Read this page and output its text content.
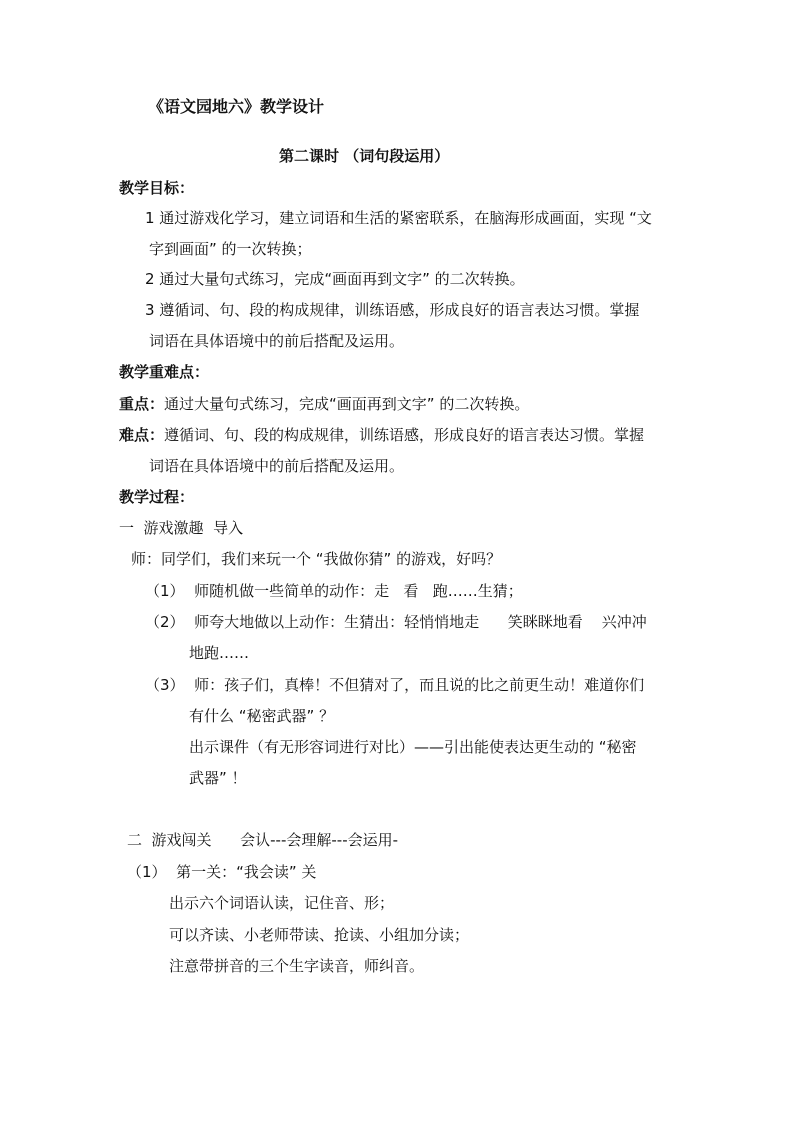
《语文园地六》教学设计
第二课时 （词句段运用）
教学目标：
1 通过游戏化学习，建立词语和生活的紧密联系，在脑海形成画面，实现 “文
字到画面” 的一次转换；
2 通过大量句式练习，完成“画面再到文字” 的二次转换。
3 遵循词、句、段的构成规律，训练语感，形成良好的语言表达习惯。掌握
词语在具体语境中的前后搭配及运用。
教学重难点：
重点：通过大量句式练习，完成“画面再到文字” 的二次转换。
难点：遵循词、句、段的构成规律，训练语感，形成良好的语言表达习惯。掌握
词语在具体语境中的前后搭配及运用。
教学过程：
一  游戏激趣  导入
师：同学们，我们来玩一个 “我做你猜” 的游戏，好吗？
（1）  师随机做一些简单的动作：走   看   跑……生猜；
（2）  师夸大地做以上动作：生猜出：轻悄悄地走      笑眯眯地看    兴冲冲
地跑……
（3）  师：孩子们，真棒！不但猜对了，而且说的比之前更生动！难道你们
有什么 “秘密武器” ？
出示课件（有无形容词进行对比）——引出能使表达更生动的 “秘密
武器” ！
二  游戏闯关      会认---会理解---会运用-
（1）  第一关：“我会读” 关
出示六个词语认读，记住音、形；
可以齐读、小老师带读、抢读、小组加分读；
注意带拼音的三个生字读音，师纠音。
